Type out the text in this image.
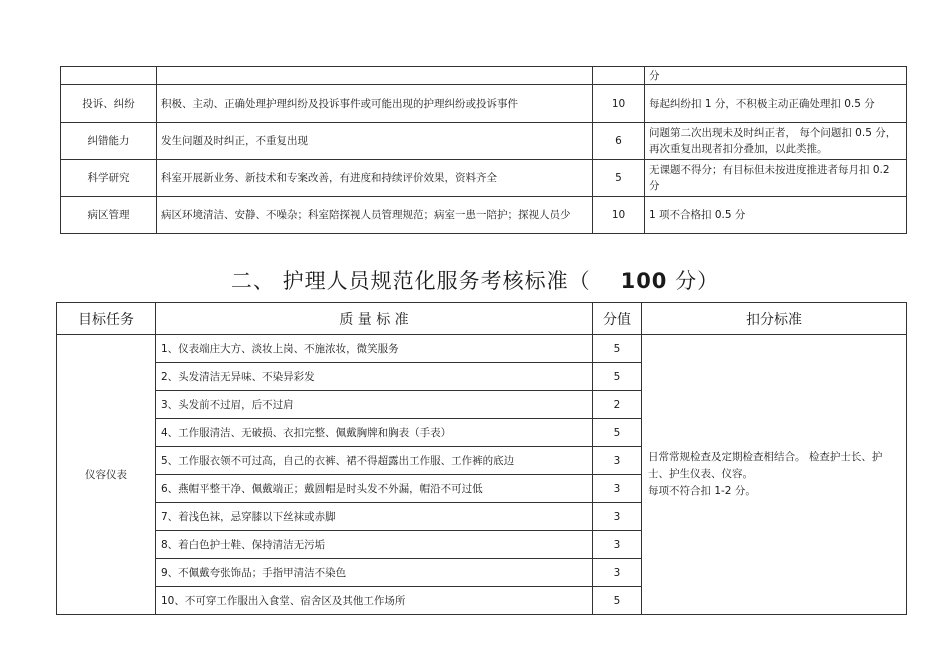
			分
投诉、纠纷	积极、主动、正确处理护理纠纷及投诉事件或可能出现的护理纠纷或投诉事件	10	每起纠纷扣 1 分，不积极主动正确处理扣 0.5 分
纠错能力	发生问题及时纠正，不重复出现	6	问题第二次出现未及时纠正者， 每个问题扣 0.5 分，再次重复出现者扣分叠加，以此类推。
科学研究	科室开展新业务、新技术和专案改善，有进度和持续评价效果，资料齐全	5	无课题不得分；有目标但未按进度推进者每月扣 0.2 分
病区管理	病区环境清洁、安静、不噪杂；科室陪探视人员管理规范；病室一患一陪护；探视人员少	10	1 项不合格扣 0.5 分
二、 护理人员规范化服务考核标准（ 100 分）
目标任务	质 量 标 准	分值	扣分标准
仪容仪表	1、仪表端庄大方、淡妆上岗、不施浓妆，微笑服务	5	日常常规检查及定期检查相结合。 检查护士长、护士、护生仪表、仪容。
每项不符合扣 1-2 分。
	2、头发清洁无异味、不染异彩发	5	
	3、头发前不过眉，后不过肩	2	
	4、工作服清洁、无破损、衣扣完整、佩戴胸牌和胸表（手表）	5	
	5、工作服衣领不可过高，自己的衣裤、裙不得超露出工作服、工作裤的底边	3	
	6、燕帽平整干净、佩戴端正；戴圆帽是时头发不外漏，帽沿不可过低	3	
	7、着浅色袜，忌穿膝以下丝袜或赤脚	3	
	8、着白色护士鞋、保持清洁无污垢	3	
	9、不佩戴夸张饰品；手指甲清洁不染色	3	
	10、不可穿工作服出入食堂、宿舍区及其他工作场所	5	
